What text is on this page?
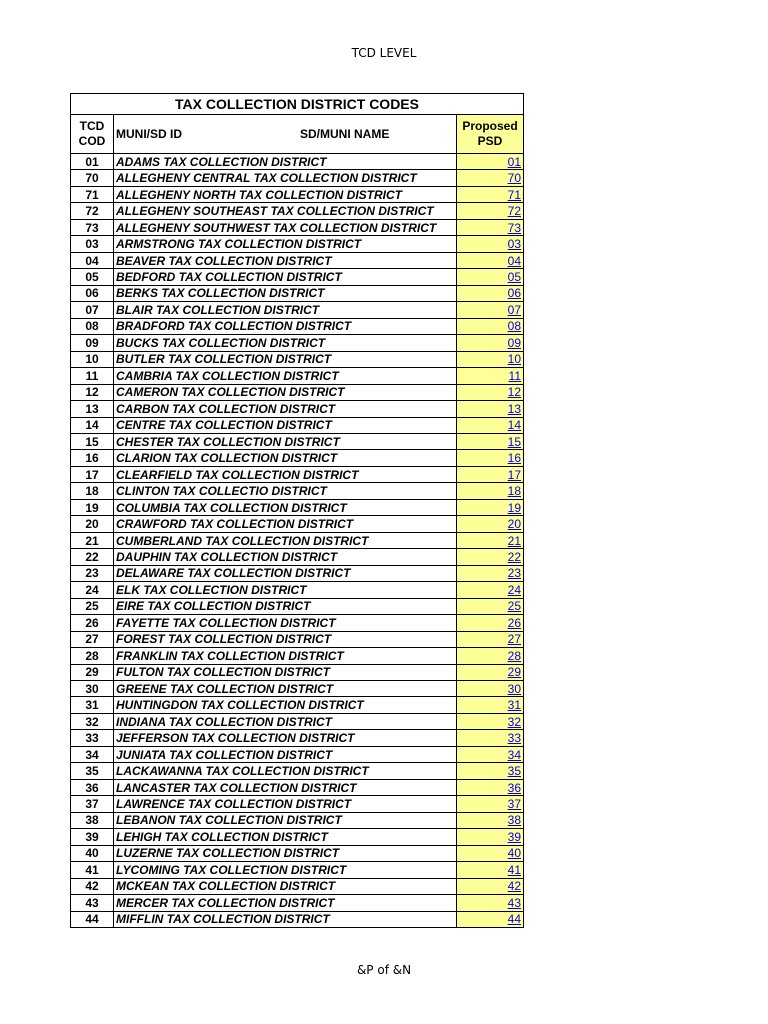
TCD LEVEL
TAX COLLECTION DISTRICT CODES		
TCD
COD	MUNI/SD ID SD/MUNI NAME	Proposed
PSD
01	ADAMS TAX COLLECTION DISTRICT	01
70	ALLEGHENY CENTRAL TAX COLLECTION DISTRICT	70
71	ALLEGHENY NORTH TAX COLLECTION DISTRICT	71
72	ALLEGHENY SOUTHEAST TAX COLLECTION DISTRICT	72
73	ALLEGHENY SOUTHWEST TAX COLLECTION DISTRICT	73
03	ARMSTRONG TAX COLLECTION DISTRICT	03
04	BEAVER TAX COLLECTION DISTRICT	04
05	BEDFORD TAX COLLECTION DISTRICT	05
06	BERKS TAX COLLECTION DISTRICT	06
07	BLAIR TAX COLLECTION DISTRICT	07
08	BRADFORD TAX COLLECTION DISTRICT	08
09	BUCKS TAX COLLECTION DISTRICT	09
10	BUTLER TAX COLLECTION DISTRICT	10
11	CAMBRIA TAX COLLECTION DISTRICT	11
12	CAMERON TAX COLLECTION DISTRICT	12
13	CARBON TAX COLLECTION DISTRICT	13
14	CENTRE TAX COLLECTION DISTRICT	14
15	CHESTER TAX COLLECTION DISTRICT	15
16	CLARION TAX COLLECTION DISTRICT	16
17	CLEARFIELD TAX COLLECTION DISTRICT	17
18	CLINTON TAX COLLECTIO DISTRICT	18
19	COLUMBIA TAX COLLECTION DISTRICT	19
20	CRAWFORD TAX COLLECTION DISTRICT	20
21	CUMBERLAND TAX COLLECTION DISTRICT	21
22	DAUPHIN TAX COLLECTION DISTRICT	22
23	DELAWARE TAX COLLECTION DISTRICT	23
24	ELK TAX COLLECTION DISTRICT	24
25	EIRE TAX COLLECTION DISTRICT	25
26	FAYETTE TAX COLLECTION DISTRICT	26
27	FOREST TAX COLLECTION DISTRICT	27
28	FRANKLIN TAX COLLECTION DISTRICT	28
29	FULTON TAX COLLECTION DISTRICT	29
30	GREENE TAX COLLECTION DISTRICT	30
31	HUNTINGDON TAX COLLECTION DISTRICT	31
32	INDIANA TAX COLLECTION DISTRICT	32
33	JEFFERSON TAX COLLECTION DISTRICT	33
34	JUNIATA TAX COLLECTION DISTRICT	34
35	LACKAWANNA TAX COLLECTION DISTRICT	35
36	LANCASTER TAX COLLECTION DISTRICT	36
37	LAWRENCE TAX COLLECTION DISTRICT	37
38	LEBANON TAX COLLECTION DISTRICT	38
39	LEHIGH TAX COLLECTION DISTRICT	39
40	LUZERNE TAX COLLECTION DISTRICT	40
41	LYCOMING TAX COLLECTION DISTRICT	41
42	MCKEAN TAX COLLECTION DISTRICT	42
43	MERCER TAX COLLECTION DISTRICT	43
44	MIFFLIN TAX COLLECTION DISTRICT	44
&P of &N
